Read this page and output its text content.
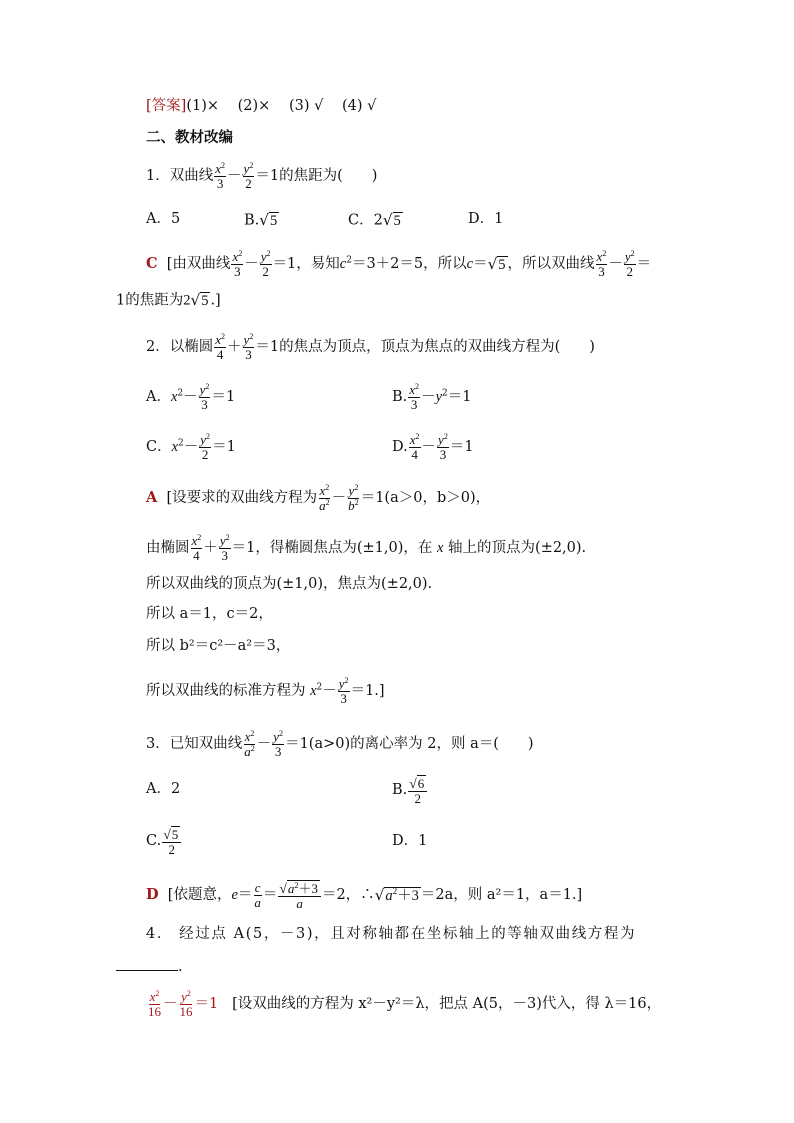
[答案](1)× (2)× (3) √ (4) √
二、教材改编
1．双曲线 $\frac{x^2}{3} - \frac{y^2}{2} =1$的焦距为(　　)
A．5	B. √ 5	C．2 √ 5	D．1
C [由双曲线 $\frac{x^2}{3} - \frac{y^2}{2} =1$，易知$c^2=3+2=5$，所以c＝ √ 5 ，所以双曲线 $\frac{x^2}{3} - \frac{y^2}{2}$ ＝
1的焦距为2 √ 5 .]
2．以椭圆 $\frac{x^2}{4} + \frac{y^2}{3} =1$的焦点为顶点，顶点为焦点的双曲线方程为(　　)
A．$x^2- \frac{y^2}{3} =1$	B. $\frac{x^2}{3} -y^2=1$
C．$x^2- \frac{y^2}{2} =1$	D. $\frac{x^2}{4} - \frac{y^2}{3} =1$
A [设要求的双曲线方程为 $\frac{x^2}{a^2} - \frac{y^2}{b^2} =1(a>0$，b＞0)，
由椭圆 $\frac{x^2}{4} + \frac{y^2}{3} =1$，得椭圆焦点为(±1,0)，在 x 轴上的顶点为(±2,0).
所以双曲线的顶点为(±1,0)，焦点为(±2,0).
所以 a＝1，c＝2，
所以 b²＝c²－a²＝3，
所以双曲线的标准方程为 $x^2- \frac{y^2}{3} =1$.]
3．已知双曲线 $\frac{x^2}{a^2} - \frac{y^2}{3} =1(a>0)$的离心率为 2，则 a＝(　　)
A．2	B. $\frac{√ 6}{2}$
C. $\frac{√ 5}{2}$	D．1
D [依题意，$e= \frac{c}{a} = \frac{√ a^2+3}{a} =2$，∴ √ $a^2+3 =2a$，则 a²＝1，a＝1.]
4． 经过点 A(5，－3)，且对称轴都在坐标轴上的等轴双曲线方程为
.
$\frac{x^2}{16} - \frac{y^2}{16} =1$ [设双曲线的方程为 x²－y²＝λ，把点 A(5，－3)代入，得 λ＝16，
